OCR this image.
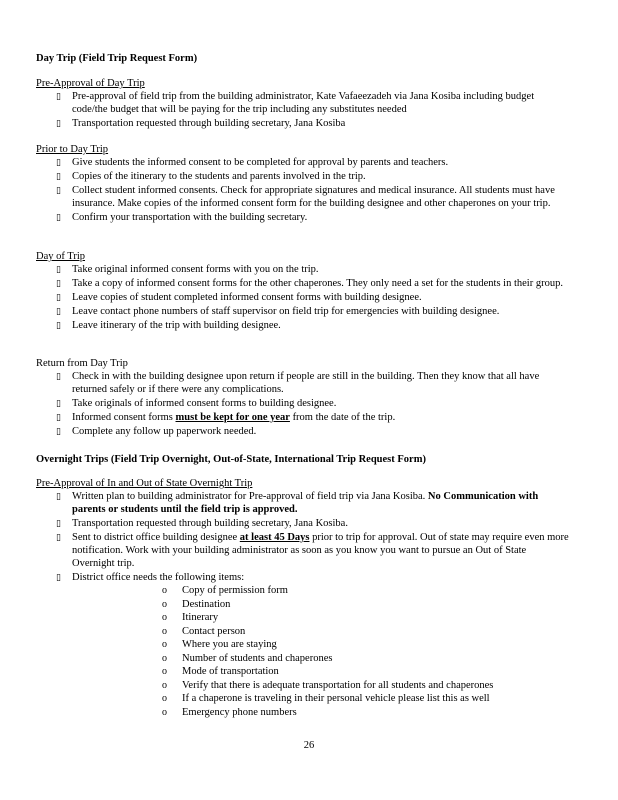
Day Trip (Field Trip Request Form)
Pre-Approval of Day Trip
▯ Pre-approval of field trip from the building administrator, Kate Vafaeezadeh via Jana Kosiba including budget code/the budget that will be paying for the trip including any substitutes needed
▯ Transportation requested through building secretary, Jana Kosiba
Prior to Day Trip
▯ Give students the informed consent to be completed for approval by parents and teachers.
▯ Copies of the itinerary to the students and parents involved in the trip.
▯ Collect student informed consents. Check for appropriate signatures and medical insurance. All students must have insurance. Make copies of the informed consent form for the building designee and other chaperones on your trip.
▯ Confirm your transportation with the building secretary.
Day of Trip
▯ Take original informed consent forms with you on the trip.
▯ Take a copy of informed consent forms for the other chaperones. They only need a set for the students in their group.
▯ Leave copies of student completed informed consent forms with building designee.
▯ Leave contact phone numbers of staff supervisor on field trip for emergencies with building designee.
▯ Leave itinerary of the trip with building designee.
Return from Day Trip
▯ Check in with the building designee upon return if people are still in the building. Then they know that all have returned safely or if there were any complications.
▯ Take originals of informed consent forms to building designee.
▯ Informed consent forms must be kept for one year from the date of the trip.
▯ Complete any follow up paperwork needed.
Overnight Trips (Field Trip Overnight, Out-of-State, International Trip Request Form)
Pre-Approval of In and Out of State Overnight Trip
▯ Written plan to building administrator for Pre-approval of field trip via Jana Kosiba. No Communication with parents or students until the field trip is approved.
▯ Transportation requested through building secretary, Jana Kosiba.
▯ Sent to district office building designee at least 45 Days prior to trip for approval. Out of state may require even more notification. Work with your building administrator as soon as you know you want to pursue an Out of State Overnight trip.
▯ District office needs the following items:
o Copy of permission form
o Destination
o Itinerary
o Contact person
o Where you are staying
o Number of students and chaperones
o Mode of transportation
o Verify that there is adequate transportation for all students and chaperones
o If a chaperone is traveling in their personal vehicle please list this as well
o Emergency phone numbers
26
